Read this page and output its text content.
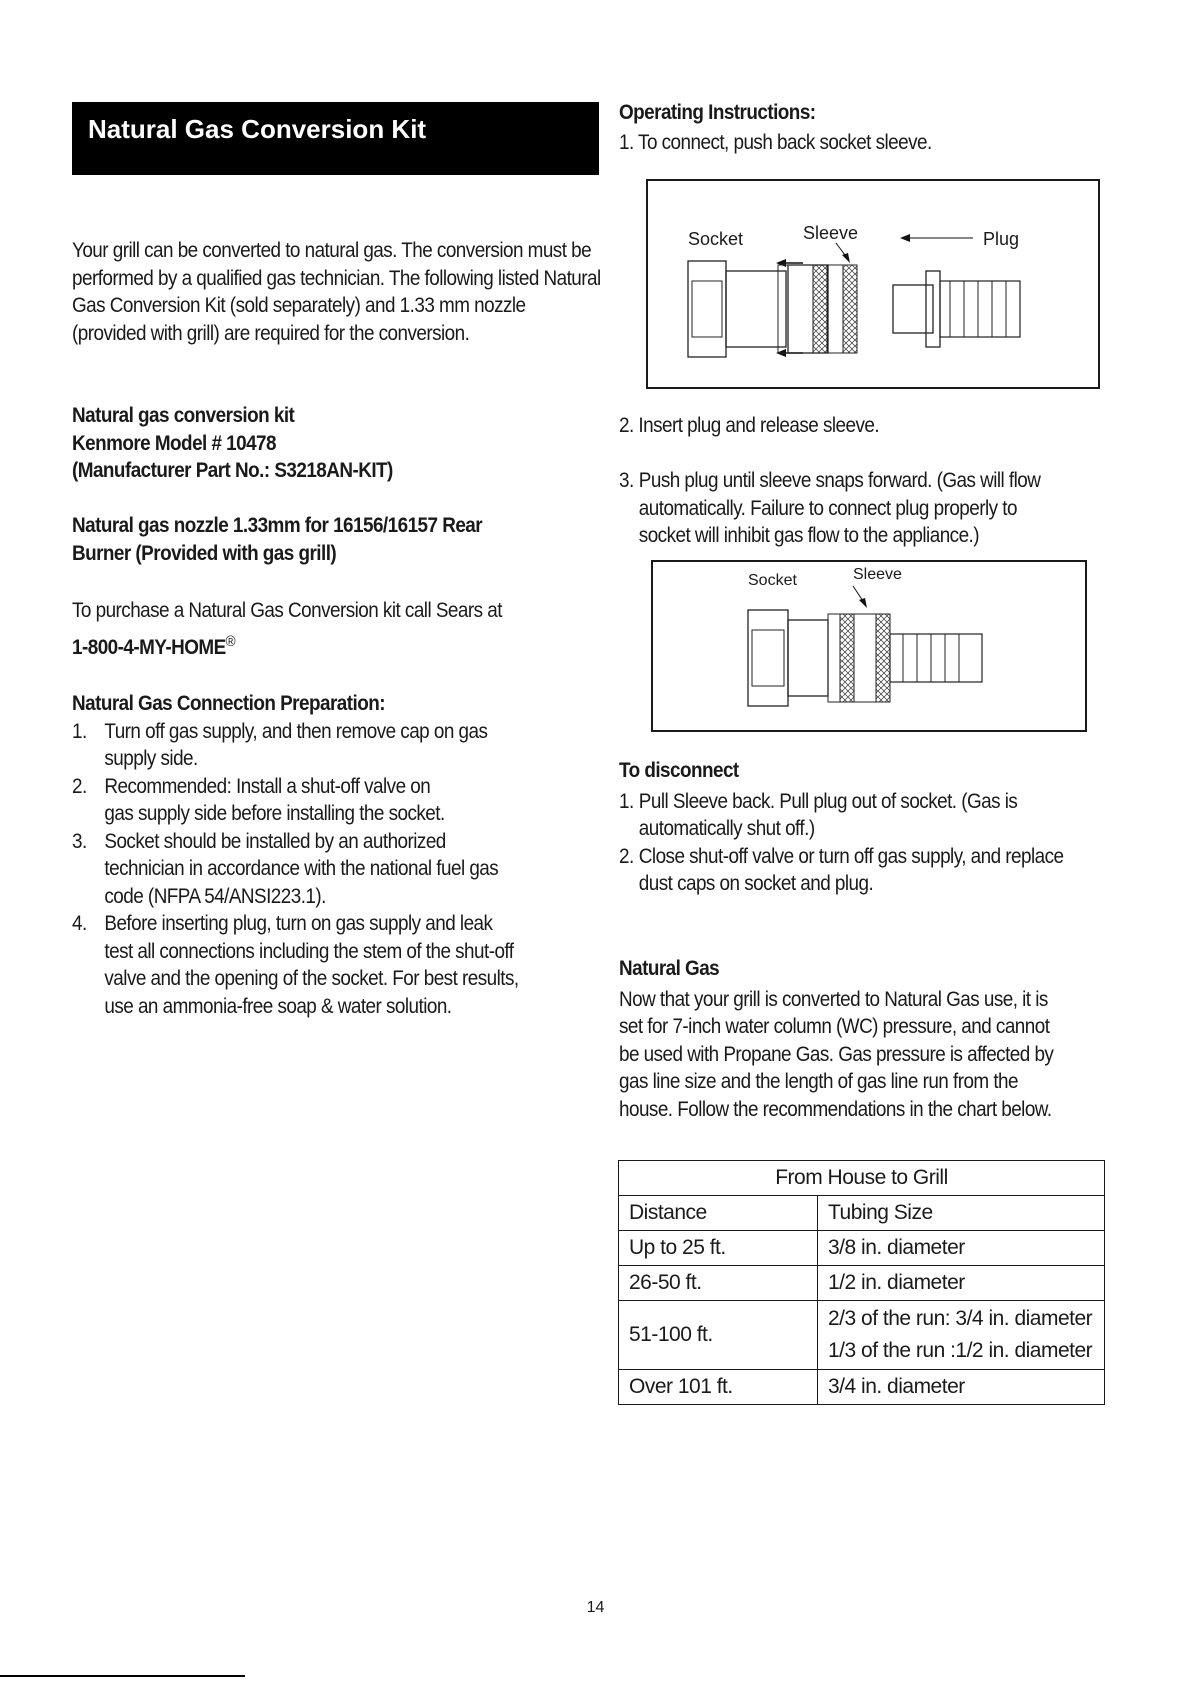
Natural Gas Conversion Kit
Your grill can be converted to natural gas. The conversion must be performed by a qualified gas technician. The following listed Natural Gas Conversion Kit (sold separately) and 1.33 mm nozzle (provided with grill) are required for the conversion.
Natural gas conversion kit
Kenmore Model # 10478
(Manufacturer Part No.: S3218AN-KIT)
Natural gas nozzle 1.33mm for 16156/16157 Rear
Burner (Provided with gas grill)
To purchase a Natural Gas Conversion kit call Sears at
1-800-4-MY-HOME®
Natural Gas Connection Preparation:
1. Turn off gas supply, and then remove cap on gas
supply side.
2. Recommended: Install a shut-off valve on
gas supply side before installing the socket.
3. Socket should be installed by an authorized
technician in accordance with the national fuel gas
code (NFPA 54/ANSI223.1).
4. Before inserting plug, turn on gas supply and leak
test all connections including the stem of the shut-off
valve and the opening of the socket. For best results,
use an ammonia-free soap & water solution.
Operating Instructions:
1. To connect, push back socket sleeve.
Socket	Sleeve	Plug
2. Insert plug and release sleeve.
3. Push plug until sleeve snaps forward. (Gas will flow
automatically. Failure to connect plug properly to
socket will inhibit gas flow to the appliance.)
Socket	Sleeve
To disconnect
1. Pull Sleeve back. Pull plug out of socket. (Gas is
automatically shut off.)
2. Close shut-off valve or turn off gas supply, and replace
dust caps on socket and plug.
Natural Gas
Now that your grill is converted to Natural Gas use, it is
set for 7-inch water column (WC) pressure, and cannot
be used with Propane Gas. Gas pressure is affected by
gas line size and the length of gas line run from the
house. Follow the recommendations in the chart below.
From House to Grill	
Distance	Tubing Size
Up to 25 ft.	3/8 in. diameter
26-50 ft.	1/2 in. diameter
51-100 ft.	2/3 of the run: 3/4 in. diameter
1/3 of the run :1/2 in. diameter

Over 101 ft.	3/4 in. diameter
14
